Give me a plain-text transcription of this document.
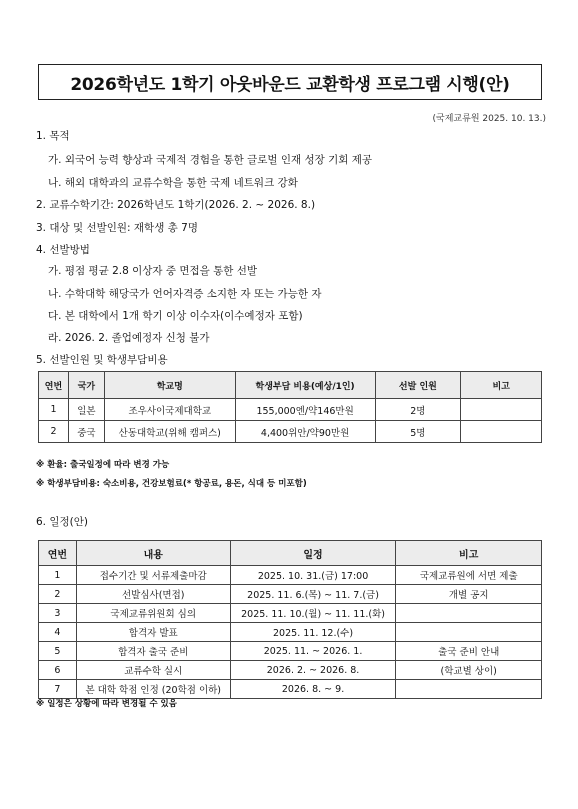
2026학년도 1학기 아웃바운드 교환학생 프로그램 시행(안)
(국제교류원 2025. 10. 13.)
1. 목적
가. 외국어 능력 향상과 국제적 경험을 통한 글로벌 인재 성장 기회 제공
나. 해외 대학과의 교류수학을 통한 국제 네트워크 강화
2. 교류수학기간: 2026학년도 1학기(2026. 2. ~ 2026. 8.)
3. 대상 및 선발인원: 재학생 총 7명
4. 선발방법
가. 평점 평균 2.8 이상자 중 면접을 통한 선발
나. 수학대학 해당국가 언어자격증 소지한 자 또는 가능한 자
다. 본 대학에서 1개 학기 이상 이수자(이수예정자 포함)
라. 2026. 2. 졸업예정자 신청 불가
5. 선발인원 및 학생부담비용
연번	국가	학교명	학생부담 비용(예상/1인)	선발 인원	비고
1	일본	조우사이국제대학교	155,000엔/약146만원	2명	
2	중국	산동대학교(위해 캠퍼스)	4,400위안/약90만원	5명	
※ 환율: 출국일정에 따라 변경 가능
※ 학생부담비용: 숙소비용, 건강보험료(* 항공료, 용돈, 식대 등 미포함)
6. 일정(안)
연번	내용	일정	비고
1	접수기간 및 서류제출마감	2025. 10. 31.(금) 17:00	국제교류원에 서면 제출
2	선발심사(면접)	2025. 11. 6.(목) ~ 11. 7.(금)	개별 공지
3	국제교류위원회 심의	2025. 11. 10.(월) ~ 11. 11.(화)	
4	합격자 발표	2025. 11. 12.(수)	
5	합격자 출국 준비	2025. 11. ~ 2026. 1.	출국 준비 안내
6	교류수학 실시	2026. 2. ~ 2026. 8.	(학교별 상이)
7	본 대학 학점 인정 (20학점 이하)	2026. 8. ~ 9.	
※ 일정은 상황에 따라 변경될 수 있음
